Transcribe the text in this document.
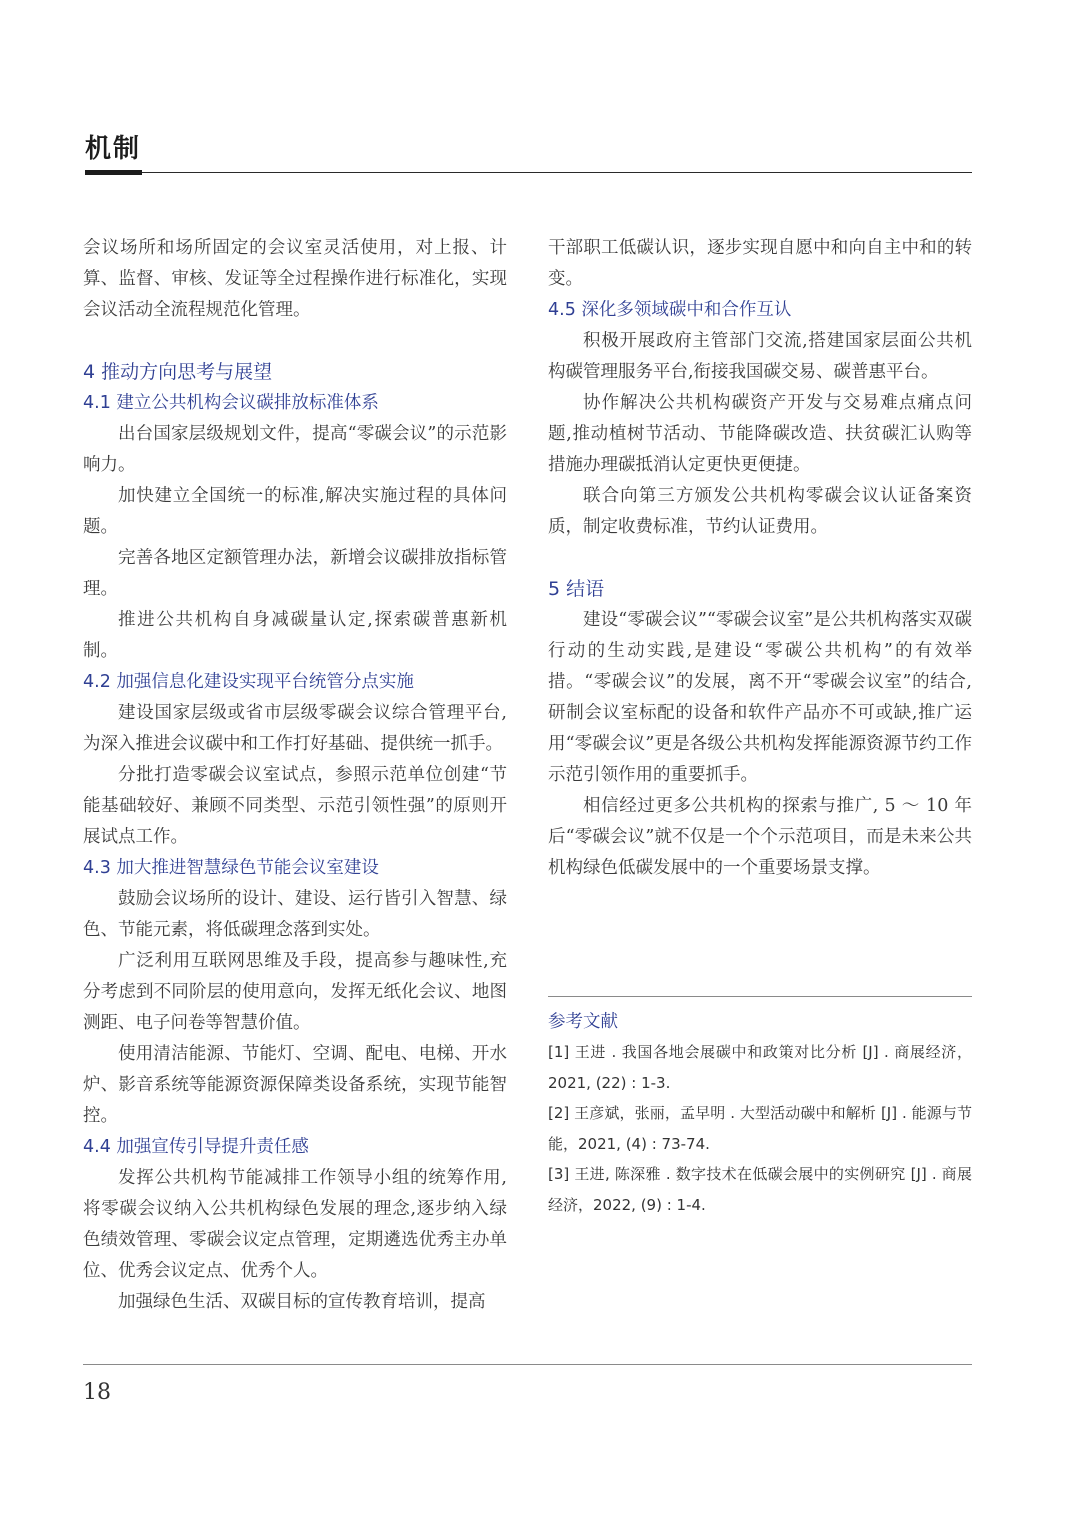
机制

会议场所和场所固定的会议室灵活使用，对上报、计算、监督、审核、发证等全过程操作进行标准化，实现会议活动全流程规范化管理。

4 推动方向思考与展望
4.1 建立公共机构会议碳排放标准体系

出台国家层级规划文件，提高“零碳会议”的示范影响力。

加快建立全国统一的标准,解决实施过程的具体问题。

完善各地区定额管理办法，新增会议碳排放指标管理。

推进公共机构自身减碳量认定,探索碳普惠新机制。

4.2 加强信息化建设实现平台统管分点实施

建设国家层级或省市层级零碳会议综合管理平台,为深入推进会议碳中和工作打好基础、提供统一抓手。

分批打造零碳会议室试点，参照示范单位创建“节能基础较好、兼顾不同类型、示范引领性强”的原则开展试点工作。

4.3 加大推进智慧绿色节能会议室建设

鼓励会议场所的设计、建设、运行皆引入智慧、绿色、节能元素，将低碳理念落到实处。

广泛利用互联网思维及手段，提高参与趣味性,充分考虑到不同阶层的使用意向，发挥无纸化会议、地图测距、电子问卷等智慧价值。

使用清洁能源、节能灯、空调、配电、电梯、开水炉、影音系统等能源资源保障类设备系统，实现节能智控。

4.4 加强宣传引导提升责任感

发挥公共机构节能减排工作领导小组的统筹作用,将零碳会议纳入公共机构绿色发展的理念,逐步纳入绿色绩效管理、零碳会议定点管理，定期遴选优秀主办单位、优秀会议定点、优秀个人。

加强绿色生活、双碳目标的宣传教育培训，提高

干部职工低碳认识，逐步实现自愿中和向自主中和的转变。

4.5 深化多领域碳中和合作互认

积极开展政府主管部门交流,搭建国家层面公共机构碳管理服务平台,衔接我国碳交易、碳普惠平台。

协作解决公共机构碳资产开发与交易难点痛点问题,推动植树节活动、节能降碳改造、扶贫碳汇认购等措施办理碳抵消认定更快更便捷。

联合向第三方颁发公共机构零碳会议认证备案资质，制定收费标准，节约认证费用。

5 结语

建设“零碳会议”“零碳会议室”是公共机构落实双碳行动的生动实践,是建设“零碳公共机构”的有效举措。“零碳会议”的发展，离不开“零碳会议室”的结合,研制会议室标配的设备和软件产品亦不可或缺,推广运用“零碳会议”更是各级公共机构发挥能源资源节约工作示范引领作用的重要抓手。

相信经过更多公共机构的探索与推广, 5 ～ 10 年后“零碳会议”就不仅是一个个示范项目，而是未来公共机构绿色低碳发展中的一个重要场景支撑。

参考文献

[1] 王进 . 我国各地会展碳中和政策对比分析 [J] . 商展经济，2021, (22) : 1-3.

[2] 王彦斌，张丽，孟早明 . 大型活动碳中和解析 [J] . 能源与节能，2021, (4) : 73-74.

[3] 王进, 陈深雅 . 数字技术在低碳会展中的实例研究 [J] . 商展经济，2022, (9) : 1-4.

18
